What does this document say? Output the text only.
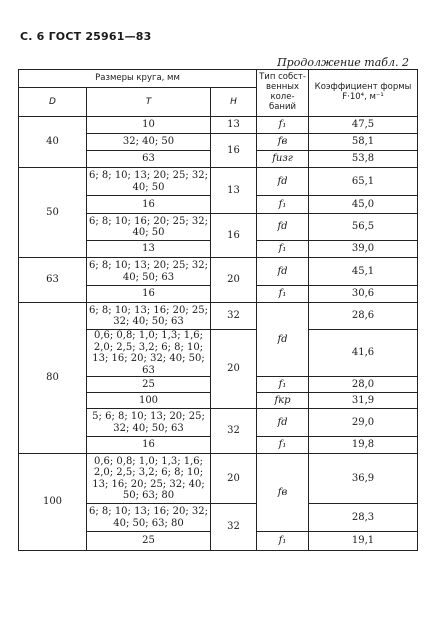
С. 6 ГОСТ 25961—83
Продолжение табл. 2
Размеры круга, мм			Тип собст-венных коле-баний	Коэффициент формы F·10⁴, м⁻¹
D	T	H		
40	10	13	f₁	47,5
	32; 40; 50	16	fв	58,1
	63		fизг	53,8
50	6; 8; 10; 13; 20; 25; 32; 40; 50	13	fd	65,1
	16		f₁	45,0
	6; 8; 10; 16; 20; 25; 32; 40; 50	16	fd	56,5
	13		f₁	39,0
63	6; 8; 10; 13; 20; 25; 32; 40; 50; 63	20	fd	45,1
	16		f₁	30,6
80	6; 8; 10; 13; 16; 20; 25; 32; 40; 50; 63	32	fd	28,6
	0,6; 0,8; 1,0; 1,3; 1,6; 2,0; 2,5; 3,2; 6; 8; 10; 13; 16; 20; 32; 40; 50; 63	20		41,6
	25		f₁	28,0
	100		fкр	31,9
	5; 6; 8; 10; 13; 20; 25; 32; 40; 50; 63	32	fd	29,0
	16		f₁	19,8
100	0,6; 0,8; 1,0; 1,3; 1,6; 2,0; 2,5; 3,2; 6; 8; 10; 13; 16; 20; 25; 32; 40; 50; 63; 80	20	fв	36,9
	6; 8; 10; 13; 16; 20; 32; 40; 50; 63; 80	32		28,3
	25		f₁	19,1
